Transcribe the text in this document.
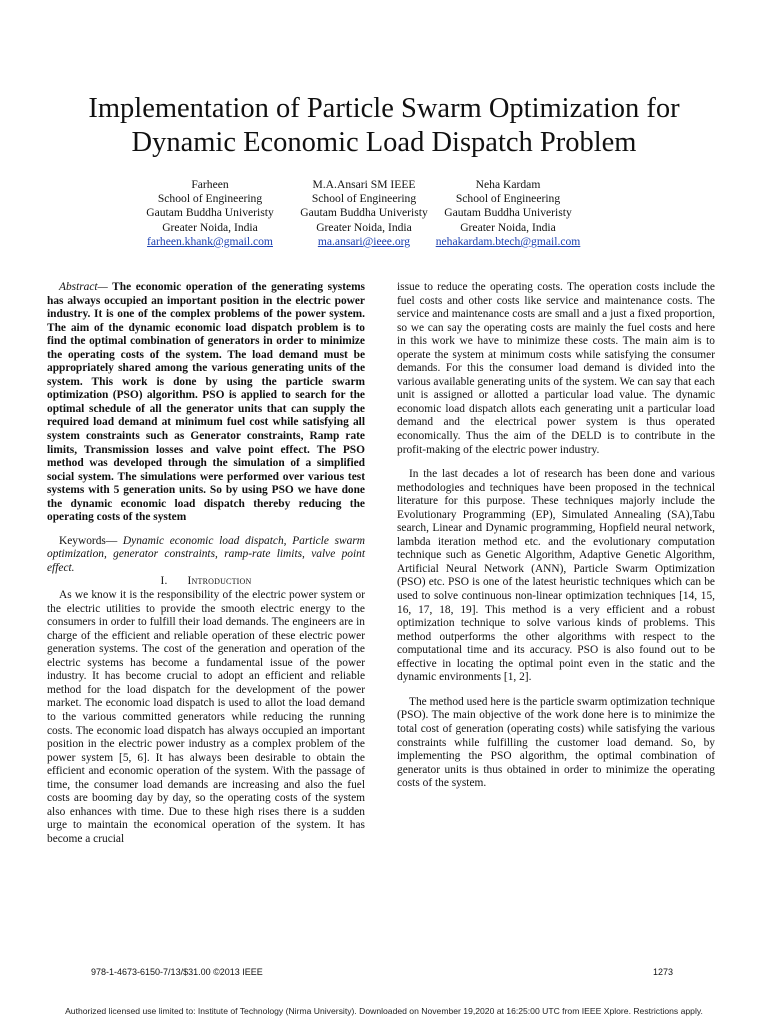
Implementation of Particle Swarm Optimization for
Dynamic Economic Load Dispatch Problem
Farheen
School of Engineering
Gautam Buddha Univeristy
Greater Noida, India
farheen.khank@gmail.com
M.A.Ansari SM IEEE
School of Engineering
Gautam Buddha Univeristy
Greater Noida, India
ma.ansari@ieee.org
Neha Kardam
School of Engineering
Gautam Buddha Univeristy
Greater Noida, India
nehakardam.btech@gmail.com

Abstract— The economic operation of the generating systems has always occupied an important position in the electric power industry. It is one of the complex problems of the power system. The aim of the dynamic economic load dispatch problem is to find the optimal combination of generators in order to minimize the operating costs of the system. The load demand must be appropriately shared among the various generating units of the system. This work is done by using the particle swarm optimization (PSO) algorithm. PSO is applied to search for the optimal schedule of all the generator units that can supply the required load demand at minimum fuel cost while satisfying all system constraints such as Generator constraints, Ramp rate limits, Transmission losses and valve point effect. The PSO method was developed through the simulation of a simplified social system. The simulations were performed over various test systems with 5 generation units. So by using PSO we have done the dynamic economic load dispatch thereby reducing the operating costs of the system

Keywords— Dynamic economic load dispatch, Particle swarm optimization, generator constraints, ramp-rate limits, valve point effect.

I. Introduction

As we know it is the responsibility of the electric power system or the electric utilities to provide the smooth electric energy to the consumers in order to fulfill their load demands. The engineers are in charge of the efficient and reliable operation of these electric power generation systems. The cost of the generation and operation of the electric systems has become a fundamental issue of the power industry. It has become crucial to adopt an efficient and reliable method for the load dispatch for the development of the power market. The economic load dispatch is used to allot the load demand to the various committed generators while reducing the running costs. The economic load dispatch has always occupied an important position in the electric power industry as a complex problem of the power system [5, 6]. It has always been desirable to obtain the efficient and economic operation of the system. With the passage of time, the consumer load demands are increasing and also the fuel costs are booming day by day, so the operating costs of the system also enhances with time. Due to these high rises there is a sudden urge to maintain the economical operation of the system. It has become a crucial

issue to reduce the operating costs. The operation costs include the fuel costs and other costs like service and maintenance costs. The service and maintenance costs are small and a just a fixed proportion, so we can say the operating costs are mainly the fuel costs and here in this work we have to minimize these costs. The main aim is to operate the system at minimum costs while satisfying the consumer demands. For this the consumer load demand is divided into the various available generating units of the system. We can say that each unit is assigned or allotted a particular load value. The dynamic economic load dispatch allots each generating unit a particular load demand and the electrical power system is thus operated economically. Thus the aim of the DELD is to contribute in the profit-making of the electric power industry.

In the last decades a lot of research has been done and various methodologies and techniques have been proposed in the technical literature for this purpose. These techniques majorly include the Evolutionary Programming (EP), Simulated Annealing (SA),Tabu search, Linear and Dynamic programming, Hopfield neural network, lambda iteration method etc. and the evolutionary computation technique such as Genetic Algorithm, Adaptive Genetic Algorithm, Artificial Neural Network (ANN), Particle Swarm Optimization (PSO) etc. PSO is one of the latest heuristic techniques which can be used to solve continuous non-linear optimization techniques [14, 15, 16, 17, 18, 19]. This method is a very efficient and a robust optimization technique to solve various kinds of problems. This method outperforms the other algorithms with respect to the computational time and its accuracy. PSO is also found out to be effective in locating the optimal point even in the static and the dynamic environments [1, 2].

The method used here is the particle swarm optimization technique (PSO). The main objective of the work done here is to minimize the total cost of generation (operating costs) while satisfying the various constraints while fulfilling the customer load demand. So, by implementing the PSO algorithm, the optimal combination of generator units is thus obtained in order to minimize the operating costs of the system.

978-1-4673-6150-7/13/$31.00 ©2013 IEEE	1273
Authorized licensed use limited to: Institute of Technology (Nirma University). Downloaded on November 19,2020 at 16:25:00 UTC from IEEE Xplore. Restrictions apply.
